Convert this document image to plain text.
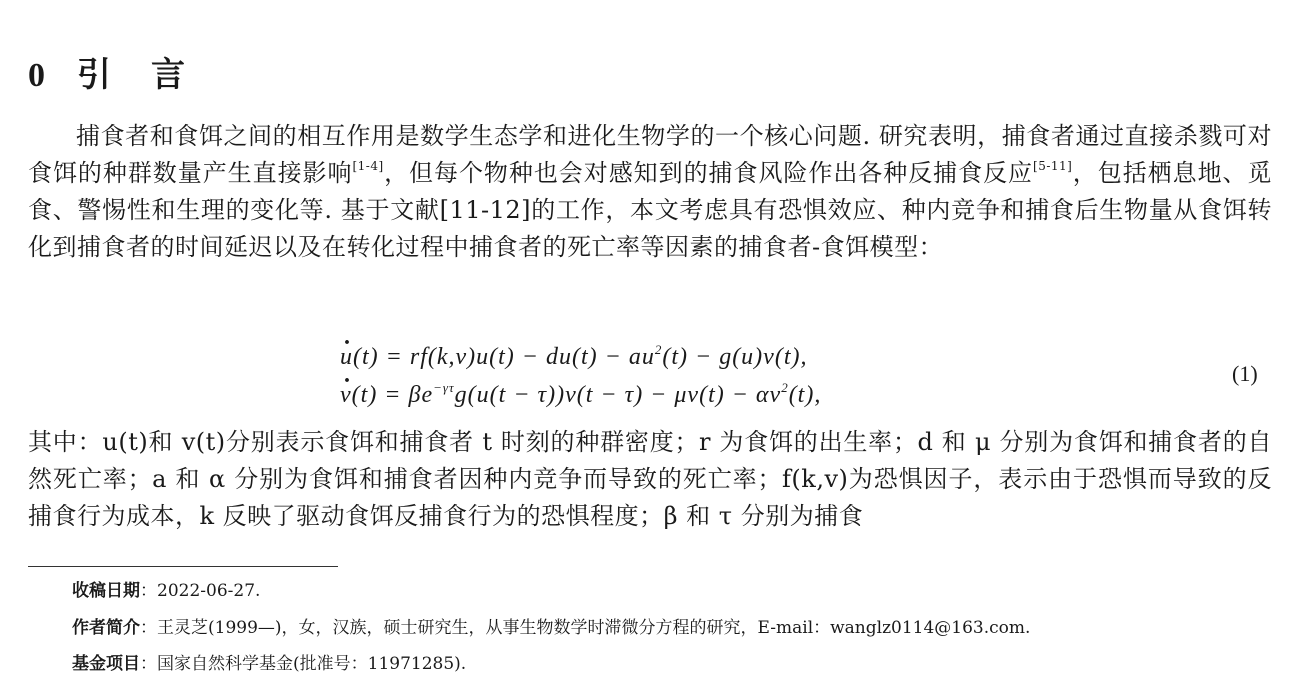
0 引 言
捕食者和食饵之间的相互作用是数学生态学和进化生物学的一个核心问题. 研究表明，捕食者通过直接杀戮可对食饵的种群数量产生直接影响[1-4]，但每个物种也会对感知到的捕食风险作出各种反捕食反应[5-11]，包括栖息地、觅食、警惕性和生理的变化等. 基于文献[11-12]的工作，本文考虑具有恐惧效应、种内竞争和捕食后生物量从食饵转化到捕食者的时间延迟以及在转化过程中捕食者的死亡率等因素的捕食者-食饵模型：
· $u(t) = rf(k,v)u(t) - du(t) - au^2(t) - g(u)v(t)$,
· $v(t) = \beta e^{-\gamma\tau}g(u(t - \tau))v(t - \tau) - \mu v(t) - \alpha v^2(t)$,
(1)
其中：u(t)和 v(t)分别表示食饵和捕食者 t 时刻的种群密度；r 为食饵的出生率；d 和 μ 分别为食饵和捕食者的自然死亡率；a 和 α 分别为食饵和捕食者因种内竞争而导致的死亡率；f(k,v)为恐惧因子，表示由于恐惧而导致的反捕食行为成本，k 反映了驱动食饵反捕食行为的恐惧程度；β 和 τ 分别为捕食
收稿日期：2022-06-27.
作者简介：王灵芝(1999—)，女，汉族，硕士研究生，从事生物数学时滞微分方程的研究，E-mail：wanglz0114@163.com.
基金项目：国家自然科学基金(批准号：11971285).
